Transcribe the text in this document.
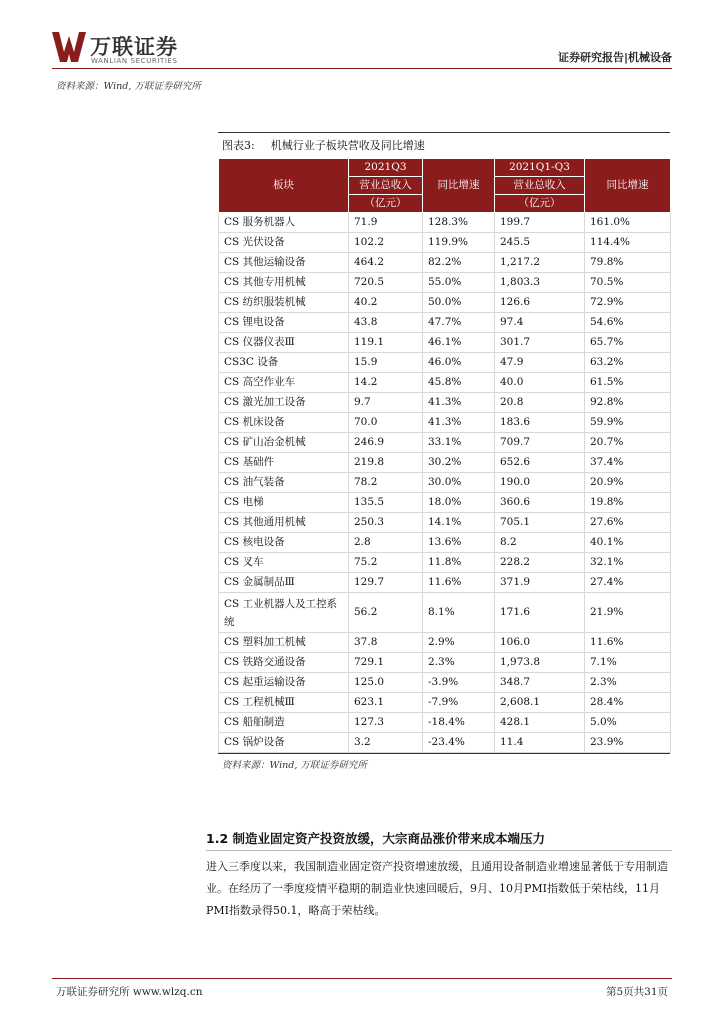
万联证券
WANLIAN SECURITIES	证券研究报告|机械设备
资料来源：Wind, 万联证券研究所
图表3: 机械行业子板块营收及同比增速
板块	2021Q3	同比增速	2021Q1-Q3	同比增速
	营业总收入		营业总收入	
	（亿元）		（亿元）	
CS 服务机器人	71.9	128.3%	199.7	161.0%
CS 光伏设备	102.2	119.9%	245.5	114.4%
CS 其他运输设备	464.2	82.2%	1,217.2	79.8%
CS 其他专用机械	720.5	55.0%	1,803.3	70.5%
CS 纺织服装机械	40.2	50.0%	126.6	72.9%
CS 锂电设备	43.8	47.7%	97.4	54.6%
CS 仪器仪表Ⅲ	119.1	46.1%	301.7	65.7%
CS3C 设备	15.9	46.0%	47.9	63.2%
CS 高空作业车	14.2	45.8%	40.0	61.5%
CS 激光加工设备	9.7	41.3%	20.8	92.8%
CS 机床设备	70.0	41.3%	183.6	59.9%
CS 矿山冶金机械	246.9	33.1%	709.7	20.7%
CS 基础件	219.8	30.2%	652.6	37.4%
CS 油气装备	78.2	30.0%	190.0	20.9%
CS 电梯	135.5	18.0%	360.6	19.8%
CS 其他通用机械	250.3	14.1%	705.1	27.6%
CS 核电设备	2.8	13.6%	8.2	40.1%
CS 叉车	75.2	11.8%	228.2	32.1%
CS 金属制品Ⅲ	129.7	11.6%	371.9	27.4%
CS 工业机器人及工控系统	56.2	8.1%	171.6	21.9%
CS 塑料加工机械	37.8	2.9%	106.0	11.6%
CS 铁路交通设备	729.1	2.3%	1,973.8	7.1%
CS 起重运输设备	125.0	-3.9%	348.7	2.3%
CS 工程机械Ⅲ	623.1	-7.9%	2,608.1	28.4%
CS 船舶制造	127.3	-18.4%	428.1	5.0%
CS 锅炉设备	3.2	-23.4%	11.4	23.9%
资料来源：Wind, 万联证券研究所
1.2 制造业固定资产投资放缓，大宗商品涨价带来成本端压力
进入三季度以来，我国制造业固定资产投资增速放缓，且通用设备制造业增速显著低于专用制造业。在经历了一季度疫情平稳期的制造业快速回暖后，9月、10月PMI指数低于荣枯线，11月PMI指数录得50.1，略高于荣枯线。
万联证券研究所 www.wlzq.cn	第5页共31页
